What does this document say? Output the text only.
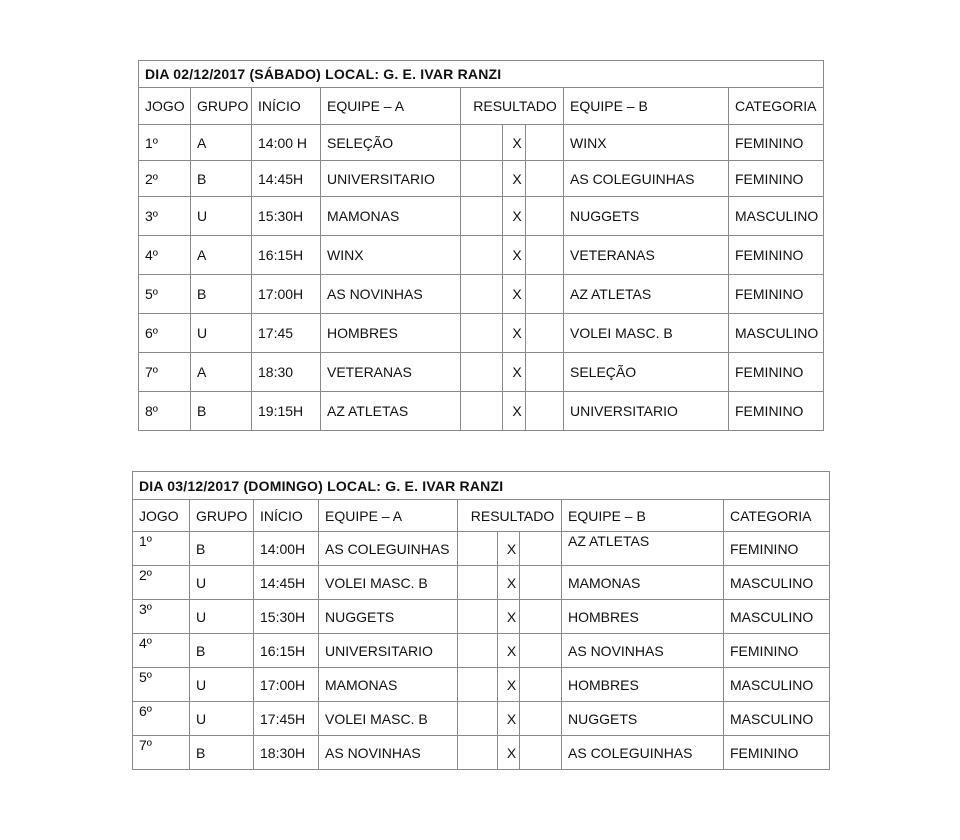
DIA 02/12/2017 (SÁBADO) LOCAL: G. E. IVAR RANZI								
JOGO	GRUPO	INÍCIO	EQUIPE – A	RESULTADO			EQUIPE – B	CATEGORIA
1º	A	14:00 H	SELEÇÃO		X		WINX	FEMININO
2º	B	14:45H	UNIVERSITARIO		X		AS COLEGUINHAS	FEMININO
3º	U	15:30H	MAMONAS		X		NUGGETS	MASCULINO
4º	A	16:15H	WINX		X		VETERANAS	FEMININO
5º	B	17:00H	AS NOVINHAS		X		AZ ATLETAS	FEMININO
6º	U	17:45	HOMBRES		X		VOLEI MASC. B	MASCULINO
7º	A	18:30	VETERANAS		X		SELEÇÃO	FEMININO
8º	B	19:15H	AZ ATLETAS		X		UNIVERSITARIO	FEMININO
DIA 03/12/2017 (DOMINGO) LOCAL: G. E. IVAR RANZI								
JOGO	GRUPO	INÍCIO	EQUIPE – A	RESULTADO			EQUIPE – B	CATEGORIA
1º	B	14:00H	AS COLEGUINHAS		X		AZ ATLETAS	FEMININO
2º	U	14:45H	VOLEI MASC. B		X		MAMONAS	MASCULINO
3º	U	15:30H	NUGGETS		X		HOMBRES	MASCULINO
4º	B	16:15H	UNIVERSITARIO		X		AS NOVINHAS	FEMININO
5º	U	17:00H	MAMONAS		X		HOMBRES	MASCULINO
6º	U	17:45H	VOLEI MASC. B		X		NUGGETS	MASCULINO
7º	B	18:30H	AS NOVINHAS		X		AS COLEGUINHAS	FEMININO
